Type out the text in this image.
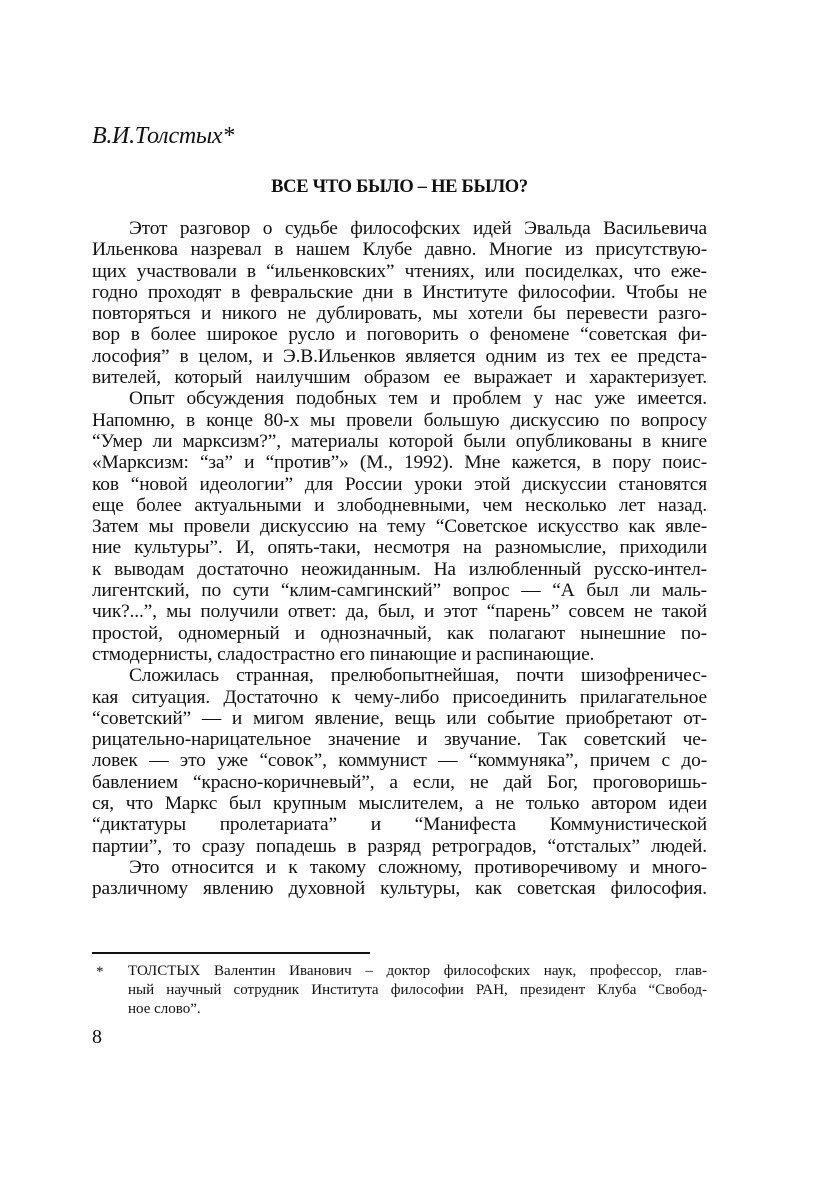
В.И.Толстых*
ВСЕ ЧТО БЫЛО – НЕ БЫЛО?

Этот разговор о судьбе философских идей Эвальда Васильевича
Ильенкова назревал в нашем Клубе давно. Многие из присутствую-
щих участвовали в “ильенковских” чтениях, или посиделках, что еже-
годно проходят в февральские дни в Институте философии. Чтобы не
повторяться и никого не дублировать, мы хотели бы перевести разго-
вор в более широкое русло и поговорить о феномене “советская фи-
лософия” в целом, и Э.В.Ильенков является одним из тех ее предста-
вителей, который наилучшим образом ее выражает и характеризует.

Опыт обсуждения подобных тем и проблем у нас уже имеется.
Напомню, в конце 80-х мы провели большую дискуссию по вопросу
“Умер ли марксизм?”, материалы которой были опубликованы в книге
«Марксизм: “за” и “против”» (М., 1992). Мне кажется, в пору поис-
ков “новой идеологии” для России уроки этой дискуссии становятся
еще более актуальными и злободневными, чем несколько лет назад.
Затем мы провели дискуссию на тему “Советское искусство как явле-
ние культуры”. И, опять-таки, несмотря на разномыслие, приходили
к выводам достаточно неожиданным. На излюбленный русско-интел-
лигентский, по сути “клим-самгинский” вопрос — “А был ли маль-
чик?...”, мы получили ответ: да, был, и этот “парень” совсем не такой
простой, одномерный и однозначный, как полагают нынешние по-
стмодернисты, сладострастно его пинающие и распинающие.

Сложилась странная, прелюбопытнейшая, почти шизофреничес-
кая ситуация. Достаточно к чему-либо присоединить прилагательное
“советский” — и мигом явление, вещь или событие приобретают от-
рицательно-нарицательное значение и звучание. Так советский че-
ловек — это уже “совок”, коммунист — “коммуняка”, причем с до-
бавлением “красно-коричневый”, а если, не дай Бог, проговоришь-
ся, что Маркс был крупным мыслителем, а не только автором идеи
“диктатуры пролетариата” и “Манифеста Коммунистической
партии”, то сразу попадешь в разряд ретроградов, “отсталых” людей.

Это относится и к такому сложному, противоречивому и много-
различному явлению духовной культуры, как советская философия.

* ТОЛСТЫХ Валентин Иванович – доктор философских наук, профессор, глав-
ный научный сотрудник Института философии РАН, президент Клуба “Свобод-
ное слово”.
8
